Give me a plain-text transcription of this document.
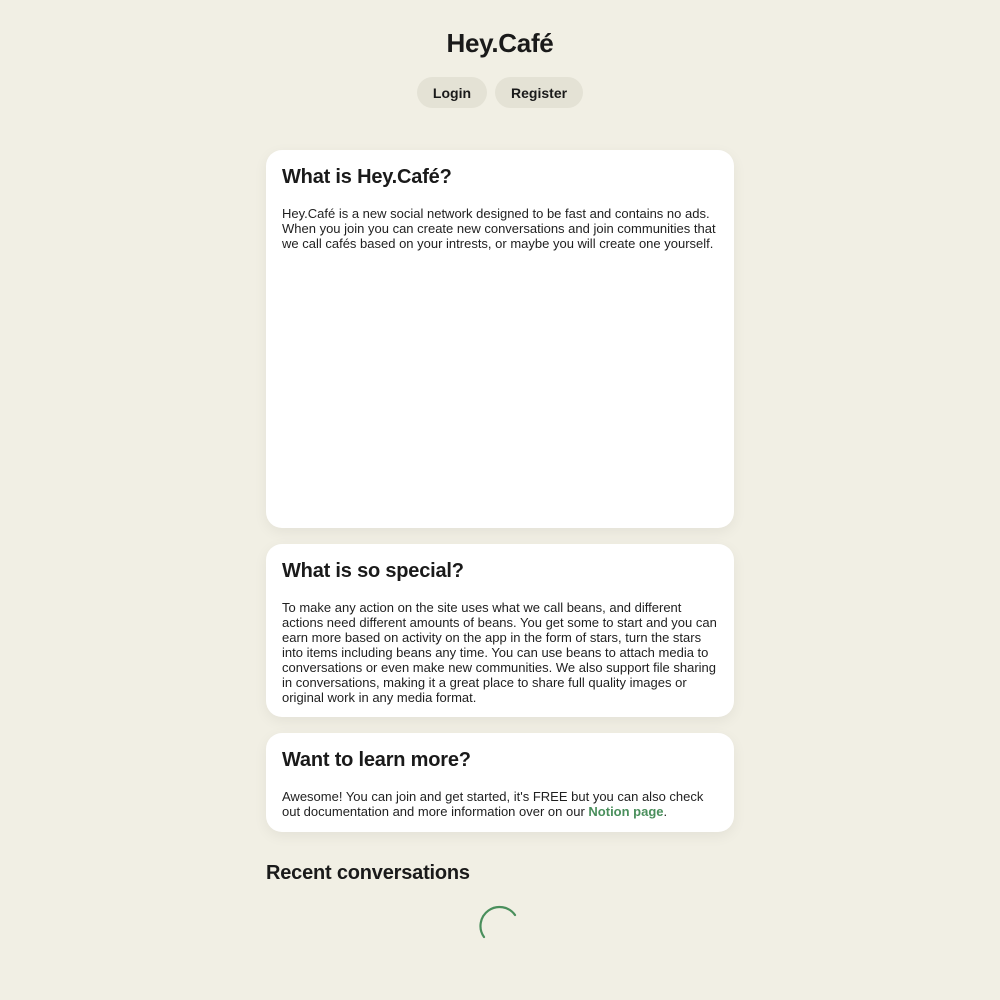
Hey.Café
Login	Register
What is Hey.Café?

Hey.Café is a new social network designed to be fast and contains no ads. When you join you can create new conversations and join communities that we call cafés based on your intrests, or maybe you will create one yourself.

What is so special?

To make any action on the site uses what we call beans, and different actions need different amounts of beans. You get some to start and you can earn more based on activity on the app in the form of stars, turn the stars into items including beans any time. You can use beans to attach media to conversations or even make new communities. We also support file sharing in conversations, making it a great place to share full quality images or original work in any media format.

Want to learn more?

Awesome! You can join and get started, it's FREE but you can also check out documentation and more information over on our Notion page.

Recent conversations
